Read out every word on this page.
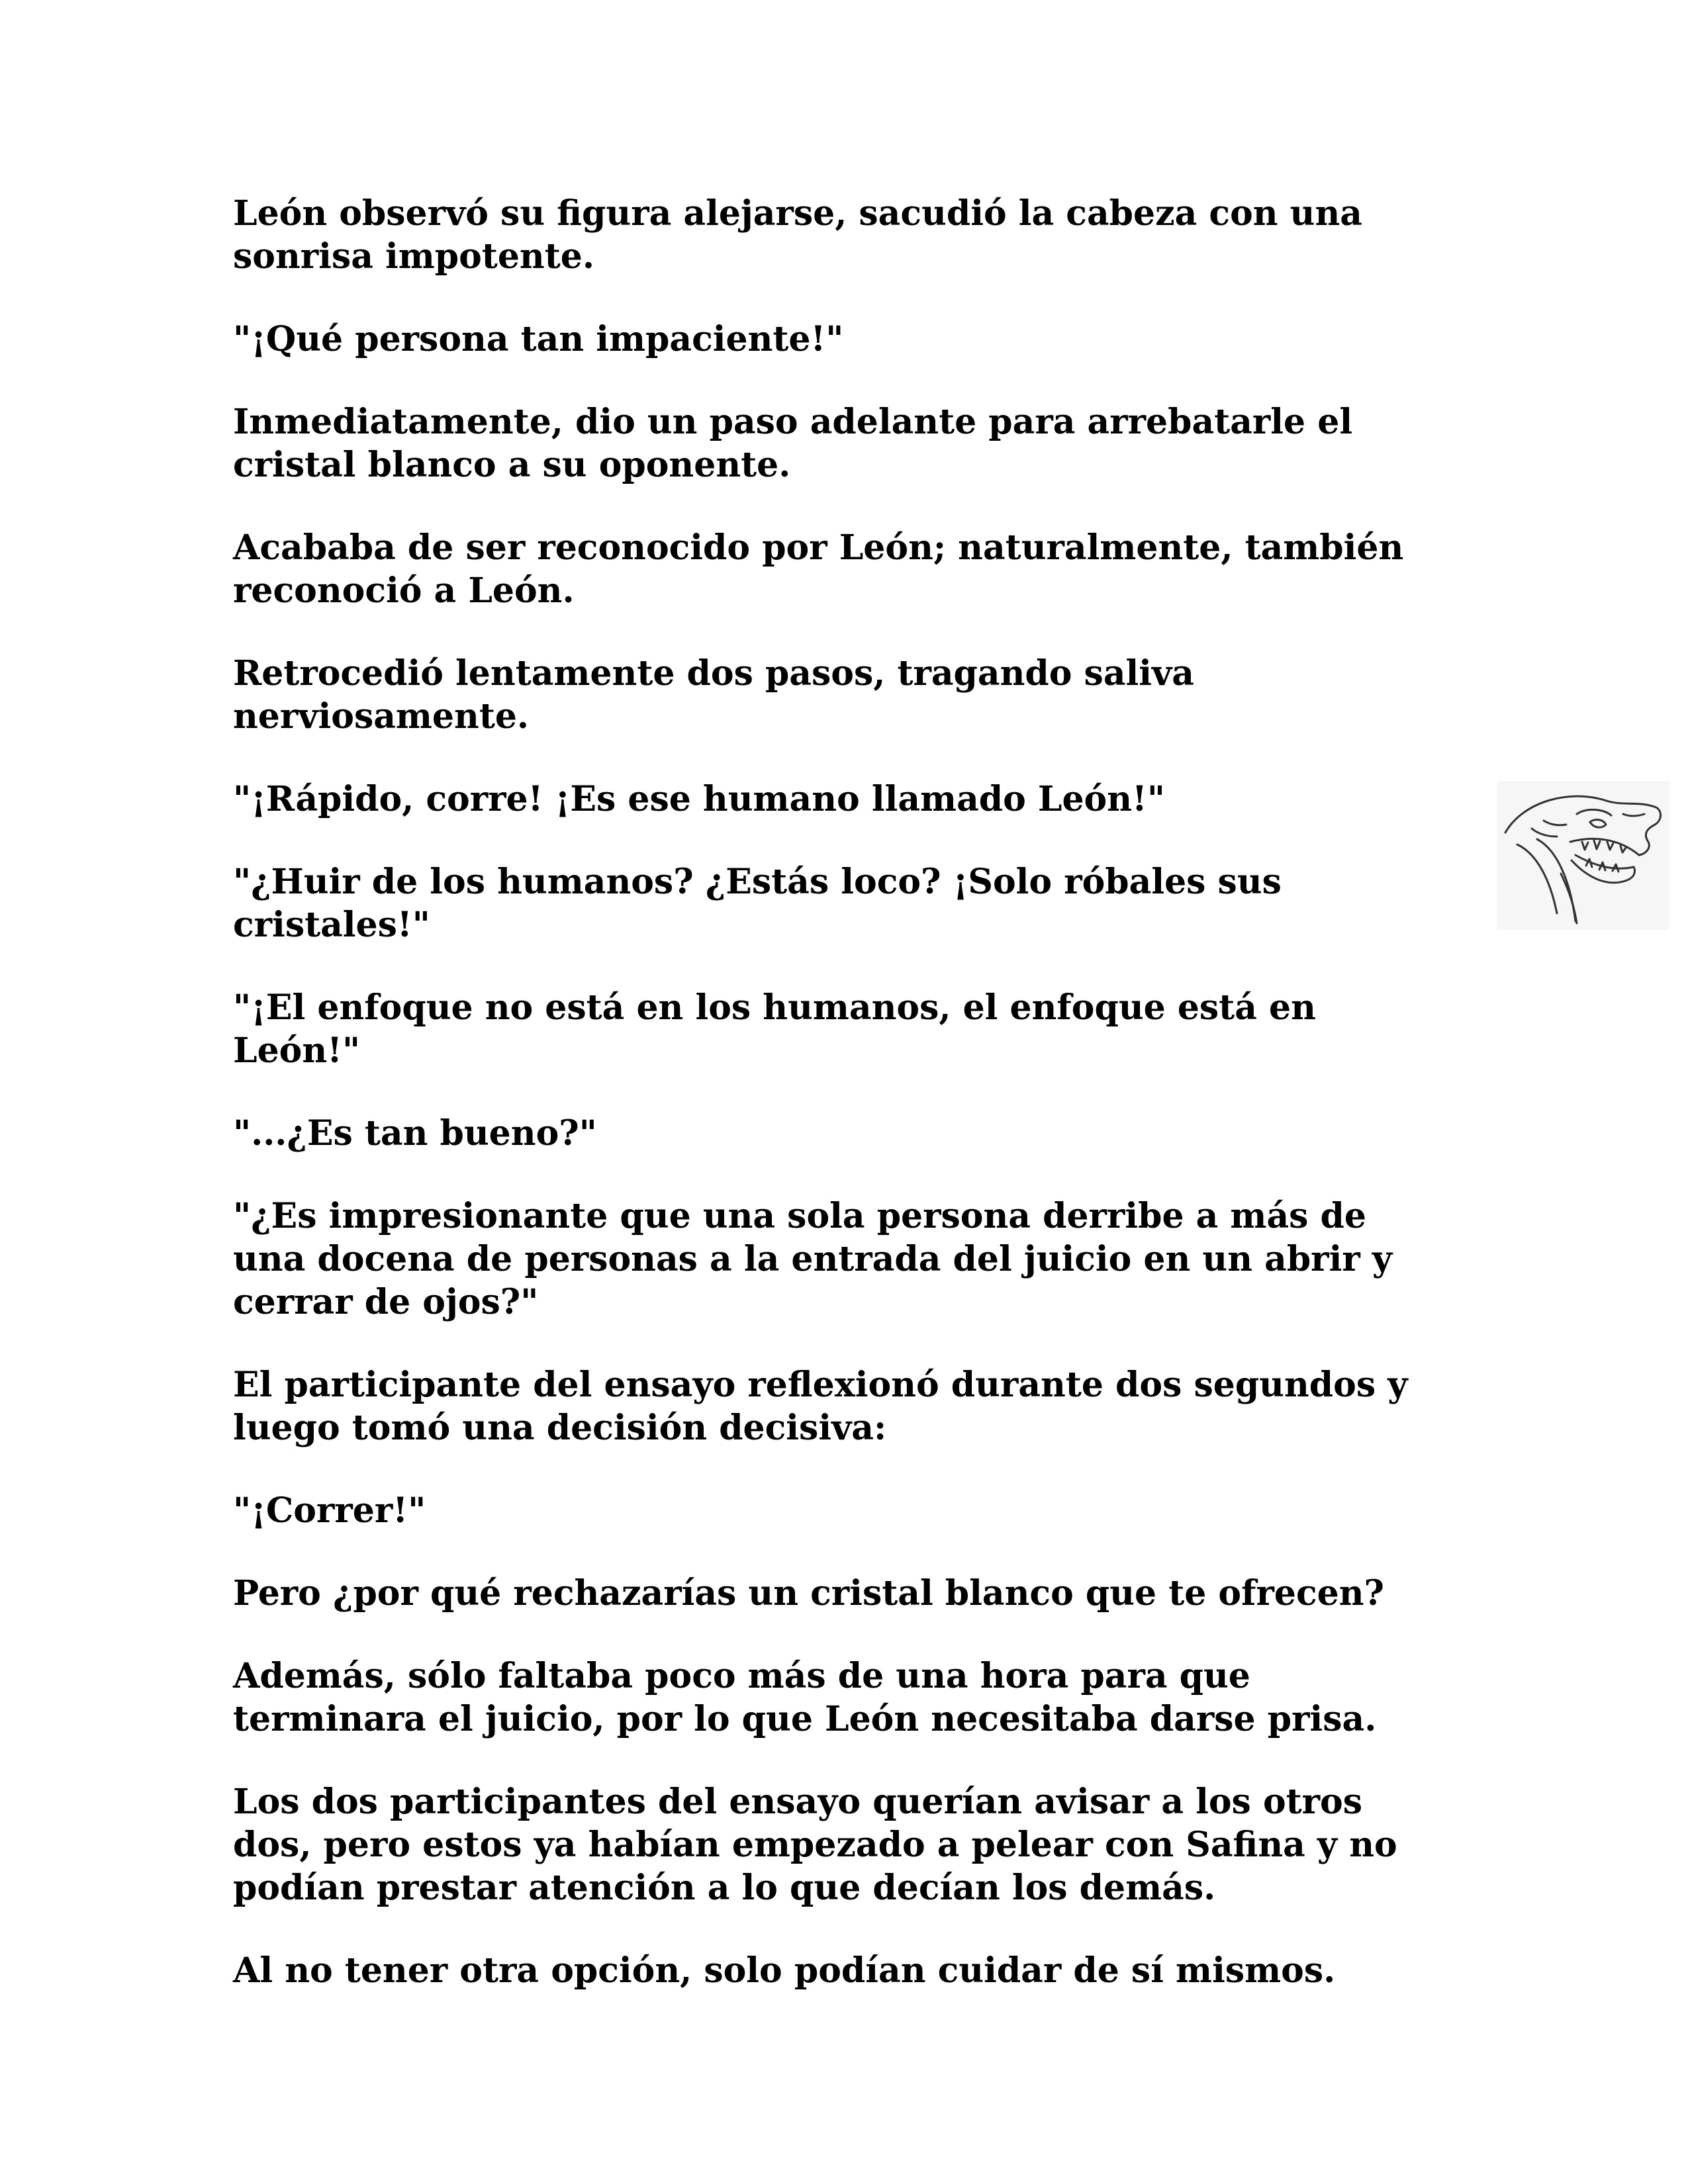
León observó su figura alejarse, sacudió la cabeza con una sonrisa impotente.

"¡Qué persona tan impaciente!"

Inmediatamente, dio un paso adelante para arrebatarle el cristal blanco a su oponente.

Acababa de ser reconocido por León; naturalmente, también reconoció a León.

Retrocedió lentamente dos pasos, tragando saliva nerviosamente.

"¡Rápido, corre! ¡Es ese humano llamado León!"

"¿Huir de los humanos? ¿Estás loco? ¡Solo róbales sus cristales!"

"¡El enfoque no está en los humanos, el enfoque está en León!"

"...¿Es tan bueno?"

"¿Es impresionante que una sola persona derribe a más de una docena de personas a la entrada del juicio en un abrir y cerrar de ojos?"

El participante del ensayo reflexionó durante dos segundos y luego tomó una decisión decisiva:

"¡Correr!"

Pero ¿por qué rechazarías un cristal blanco que te ofrecen?

Además, sólo faltaba poco más de una hora para que terminara el juicio, por lo que León necesitaba darse prisa.

Los dos participantes del ensayo querían avisar a los otros dos, pero estos ya habían empezado a pelear con Safina y no podían prestar atención a lo que decían los demás.

Al no tener otra opción, solo podían cuidar de sí mismos.
